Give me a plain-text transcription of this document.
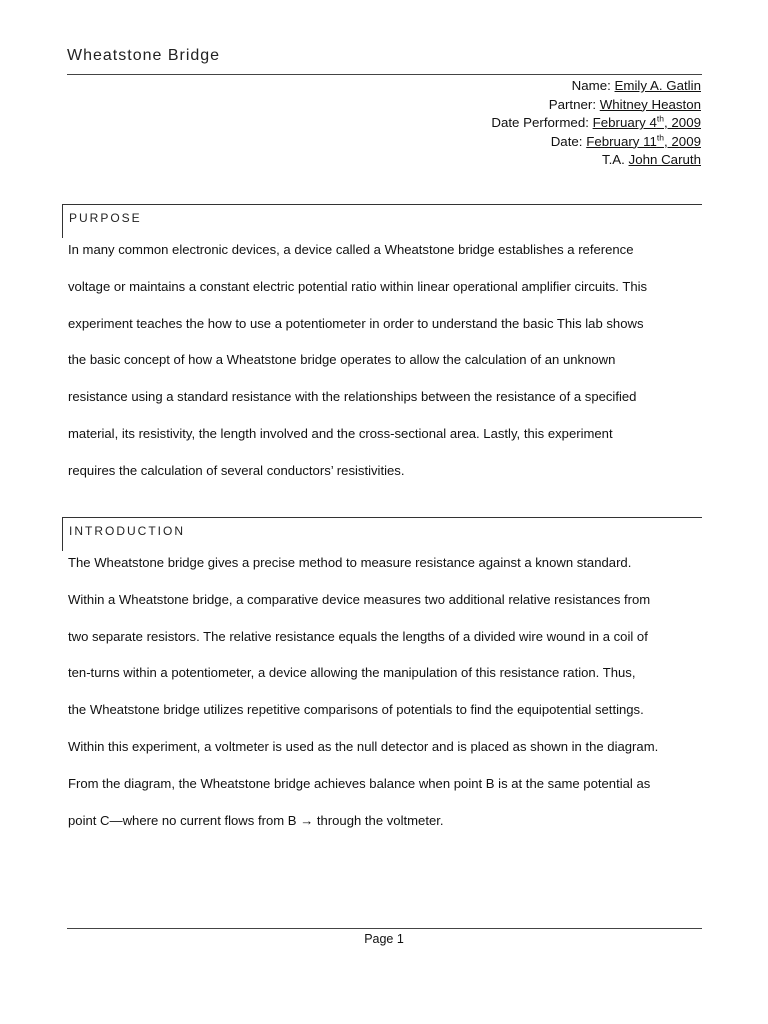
Wheatstone Bridge
Name: Emily A. Gatlin
Partner: Whitney Heaston
Date Performed: February 4th, 2009
Date: February 11th, 2009
T.A. John Caruth
PURPOSE
In many common electronic devices, a device called a Wheatstone bridge establishes a reference
voltage or maintains a constant electric potential ratio within linear operational amplifier circuits. This
experiment teaches the how to use a potentiometer in order to understand the basic This lab shows
the basic concept of how a Wheatstone bridge operates to allow the calculation of an unknown
resistance using a standard resistance with the relationships between the resistance of a specified
material, its resistivity, the length involved and the cross-sectional area. Lastly, this experiment
requires the calculation of several conductors’ resistivities.
INTRODUCTION
The Wheatstone bridge gives a precise method to measure resistance against a known standard.
Within a Wheatstone bridge, a comparative device measures two additional relative resistances from
two separate resistors. The relative resistance equals the lengths of a divided wire wound in a coil of
ten-turns within a potentiometer, a device allowing the manipulation of this resistance ration. Thus,
the Wheatstone bridge utilizes repetitive comparisons of potentials to find the equipotential settings.
Within this experiment, a voltmeter is used as the null detector and is placed as shown in the diagram.
From the diagram, the Wheatstone bridge achieves balance when point B is at the same potential as
point C—where no current flows from B → through the voltmeter.
Page 1
